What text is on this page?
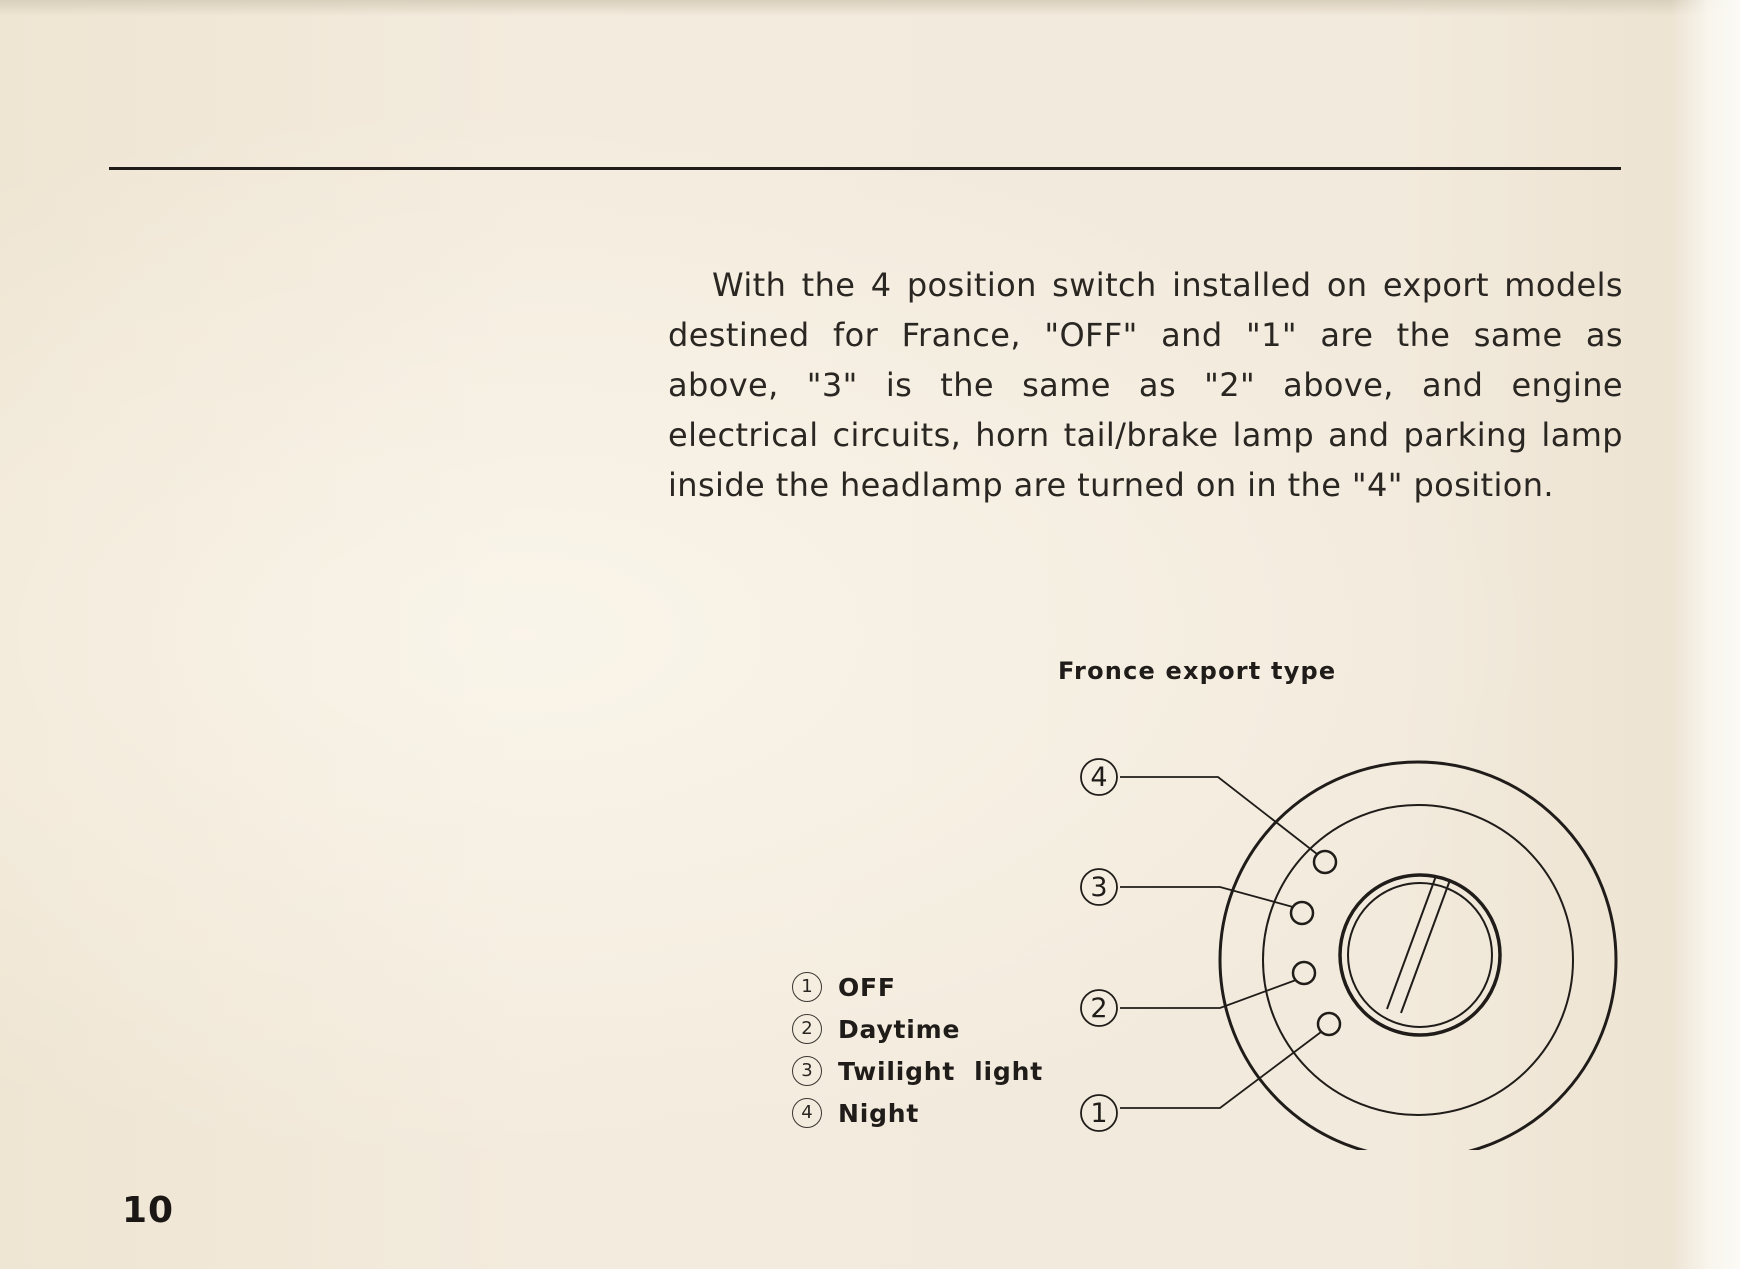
With the 4 position switch installed on export models destined for France, "OFF" and "1" are the same as above, "3" is the same as "2" above, and engine electrical circuits, horn tail/brake lamp and parking lamp inside the headlamp are turned on in the "4" position.

Fronce export type
4
3
2
1
1	OFF
2	Daytime
3	Twilight  light
4	Night
10
